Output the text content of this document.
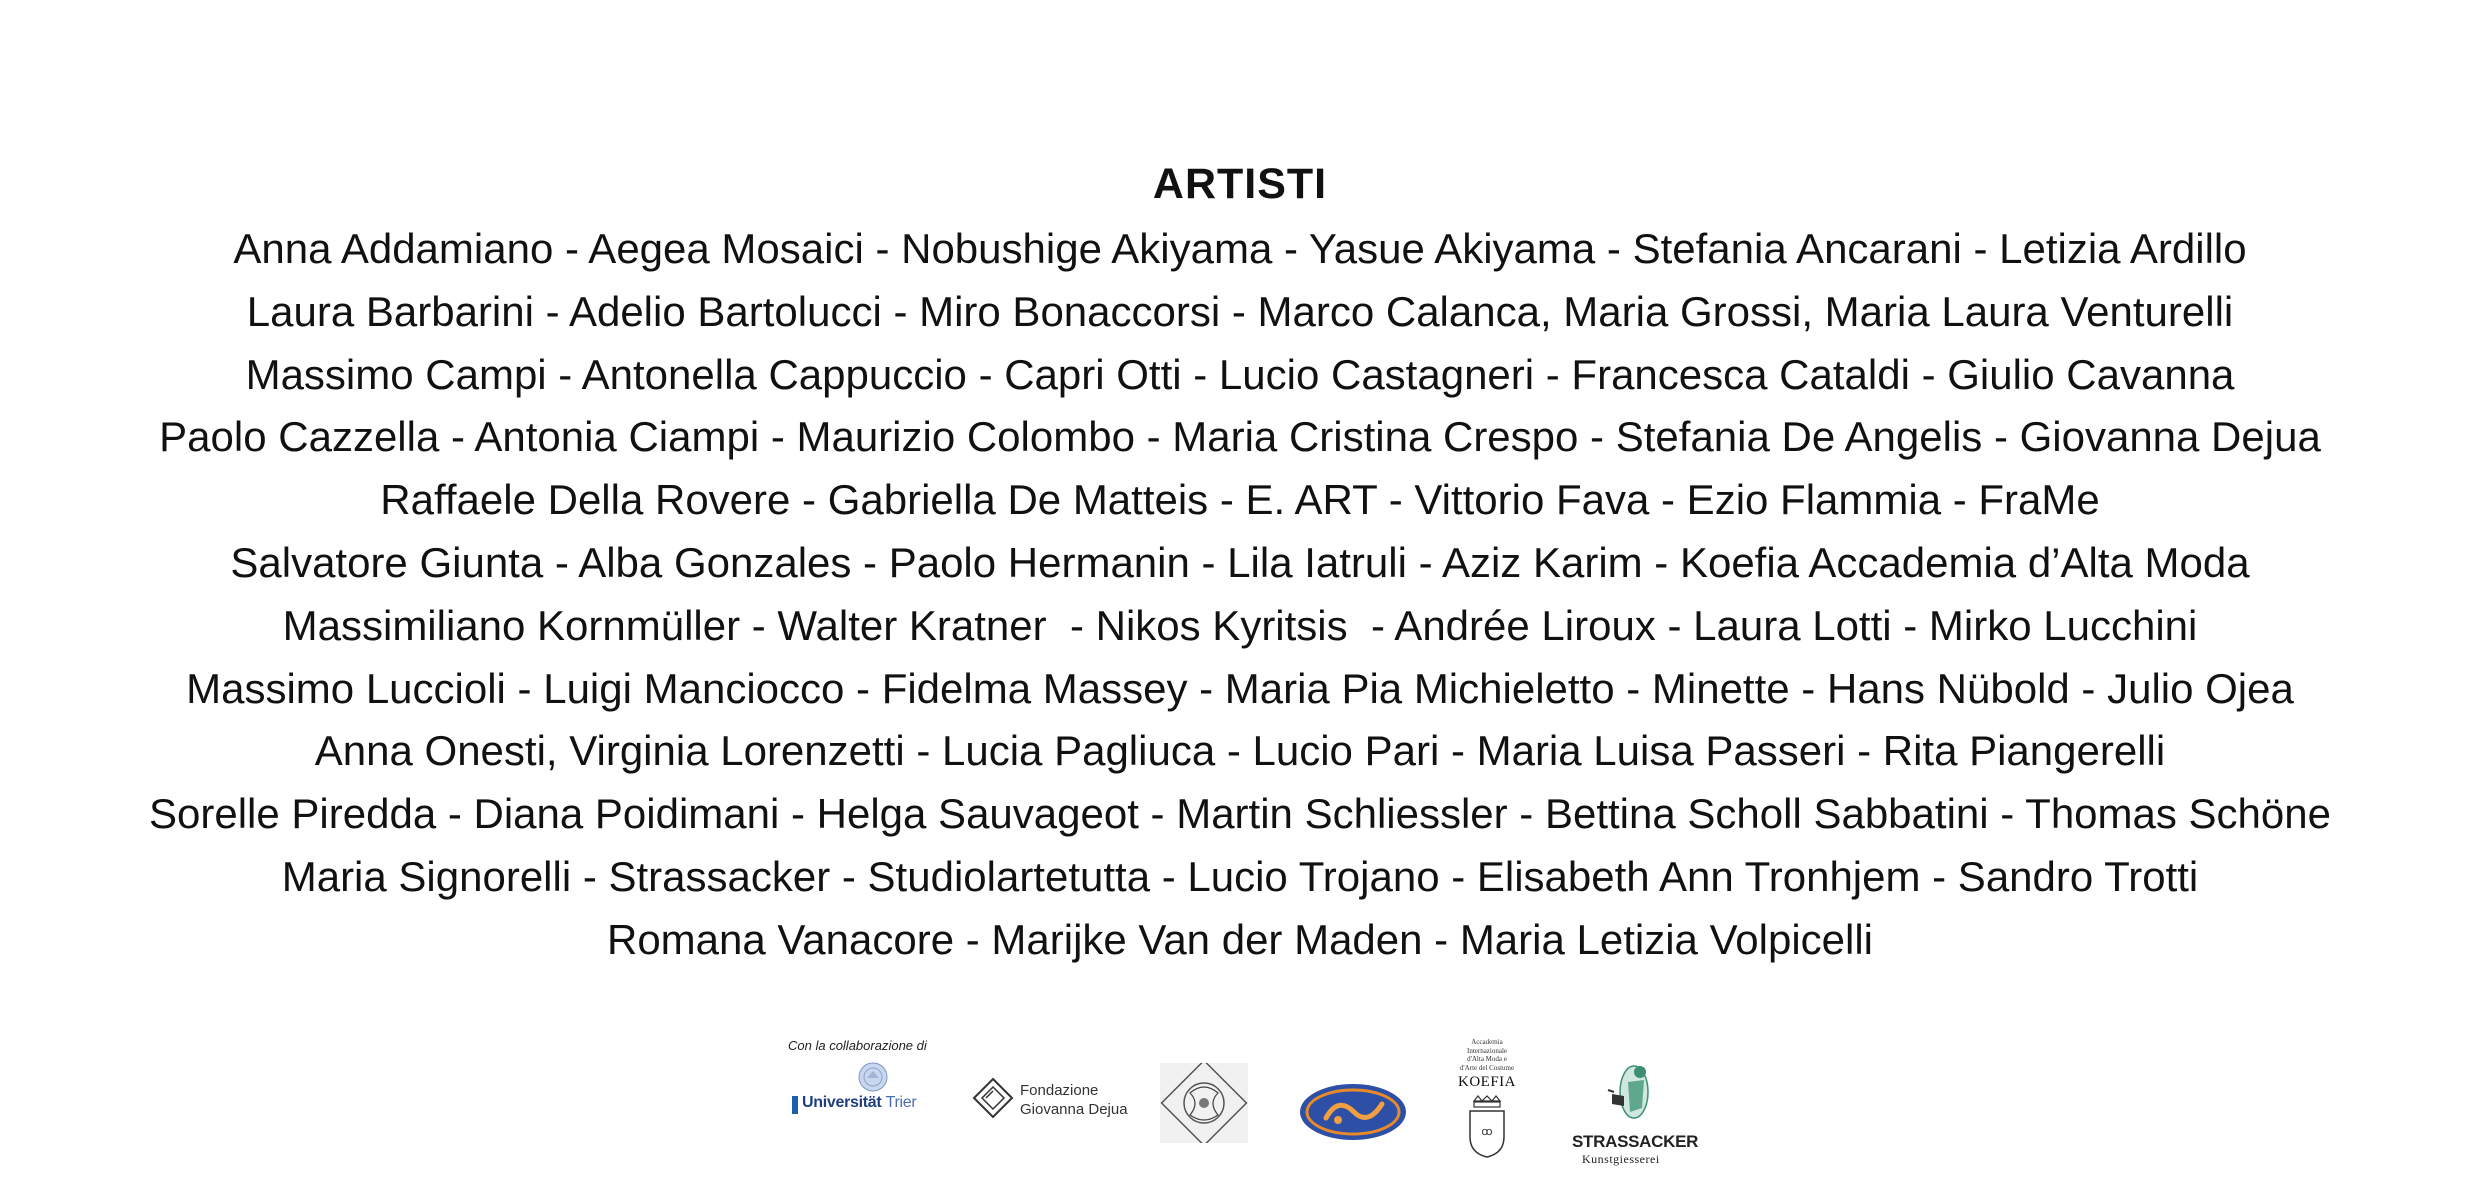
ARTISTI
Anna Addamiano - Aegea Mosaici - Nobushige Akiyama - Yasue Akiyama - Stefania Ancarani - Letizia Ardillo
Laura Barbarini - Adelio Bartolucci - Miro Bonaccorsi - Marco Calanca, Maria Grossi, Maria Laura Venturelli
Massimo Campi - Antonella Cappuccio - Capri Otti - Lucio Castagneri - Francesca Cataldi - Giulio Cavanna
Paolo Cazzella - Antonia Ciampi - Maurizio Colombo - Maria Cristina Crespo - Stefania De Angelis - Giovanna Dejua
Raffaele Della Rovere - Gabriella De Matteis - E. ART - Vittorio Fava - Ezio Flammia - FraMe
Salvatore Giunta - Alba Gonzales - Paolo Hermanin - Lila Iatruli - Aziz Karim - Koefia Accademia d’Alta Moda
Massimiliano Kornmüller - Walter Kratner  - Nikos Kyritsis  - Andrée Liroux - Laura Lotti - Mirko Lucchini
Massimo Luccioli - Luigi Manciocco - Fidelma Massey - Maria Pia Michieletto - Minette - Hans Nübold - Julio Ojea
Anna Onesti, Virginia Lorenzetti - Lucia Pagliuca - Lucio Pari - Maria Luisa Passeri - Rita Piangerelli
Sorelle Piredda - Diana Poidimani - Helga Sauvageot - Martin Schliessler - Bettina Scholl Sabbatini - Thomas Schöne
Maria Signorelli - Strassacker - Studiolartetutta - Lucio Trojano - Elisabeth Ann Tronhjem - Sandro Trotti
Romana Vanacore - Marijke Van der Maden - Maria Letizia Volpicelli
Con la collaborazione di
Universität Trier
Fondazione
Giovanna Dejua
Accademia
Internazionale
d'Alta Moda e
d'Arte del Costume
KOEFIA
ꝏ	STRASSACKER
Kunstgiesserei
